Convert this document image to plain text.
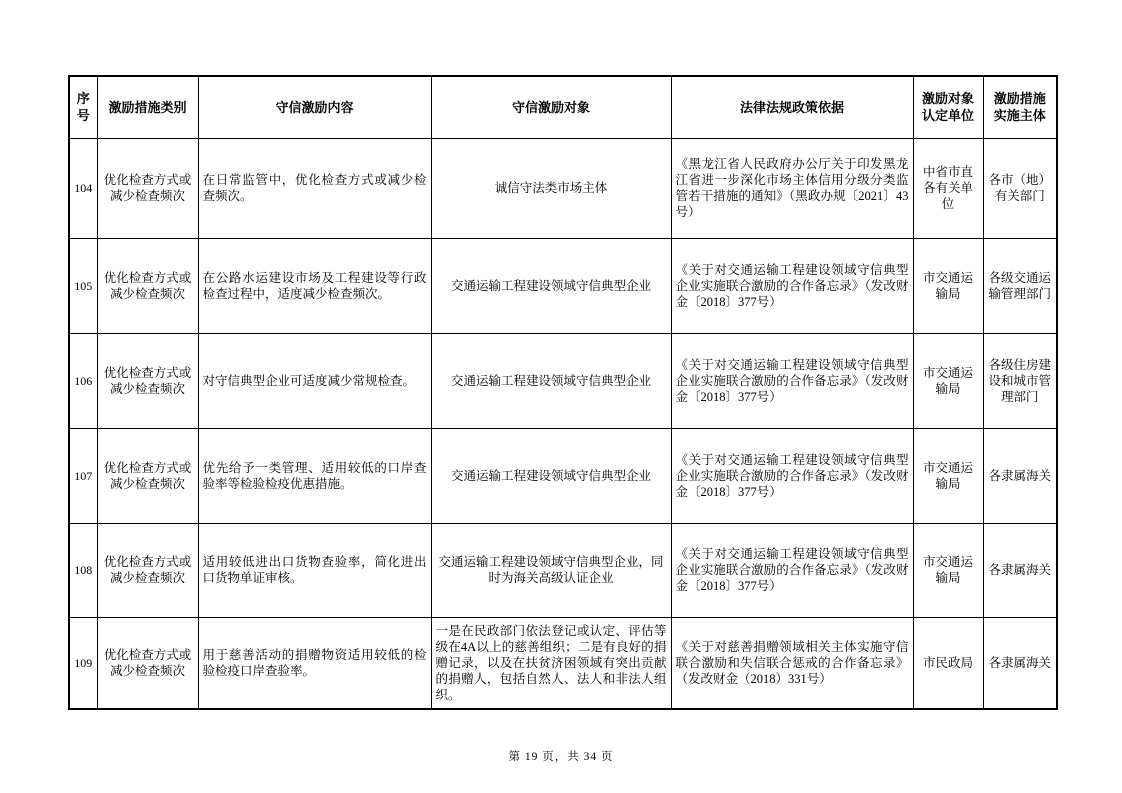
序号	激励措施类别	守信激励内容	守信激励对象	法律法规政策依据	激励对象认定单位	激励措施实施主体
104	优化检查方式或减少检查频次	在日常监管中，优化检查方式或减少检查频次。	诚信守法类市场主体	《黑龙江省人民政府办公厅关于印发黑龙江省进一步深化市场主体信用分级分类监管若干措施的通知》（黑政办规〔2021〕43号）	中省市直各有关单位	各市（地）有关部门
105	优化检查方式或减少检查频次	在公路水运建设市场及工程建设等行政检查过程中，适度减少检查频次。	交通运输工程建设领域守信典型企业	《关于对交通运输工程建设领域守信典型企业实施联合激励的合作备忘录》（发改财金〔2018〕377号）	市交通运输局	各级交通运输管理部门
106	优化检查方式或减少检查频次	对守信典型企业可适度减少常规检查。	交通运输工程建设领域守信典型企业	《关于对交通运输工程建设领域守信典型企业实施联合激励的合作备忘录》（发改财金〔2018〕377号）	市交通运输局	各级住房建设和城市管理部门
107	优化检查方式或减少检查频次	优先给予一类管理、适用较低的口岸查验率等检验检疫优惠措施。	交通运输工程建设领域守信典型企业	《关于对交通运输工程建设领域守信典型企业实施联合激励的合作备忘录》（发改财金〔2018〕377号）	市交通运输局	各隶属海关
108	优化检查方式或减少检查频次	适用较低进出口货物查验率，简化进出口货物单证审核。	交通运输工程建设领域守信典型企业，同时为海关高级认证企业	《关于对交通运输工程建设领域守信典型企业实施联合激励的合作备忘录》（发改财金〔2018〕377号）	市交通运输局	各隶属海关
109	优化检查方式或减少检查频次	用于慈善活动的捐赠物资适用较低的检验检疫口岸查验率。	一是在民政部门依法登记或认定、评估等级在4A以上的慈善组织；二是有良好的捐赠记录，以及在扶贫济困领域有突出贡献的捐赠人，包括自然人、法人和非法人组织。	《关于对慈善捐赠领域相关主体实施守信联合激励和失信联合惩戒的合作备忘录》（发改财金（2018）331号）	市民政局	各隶属海关
第 19 页，共 34 页
